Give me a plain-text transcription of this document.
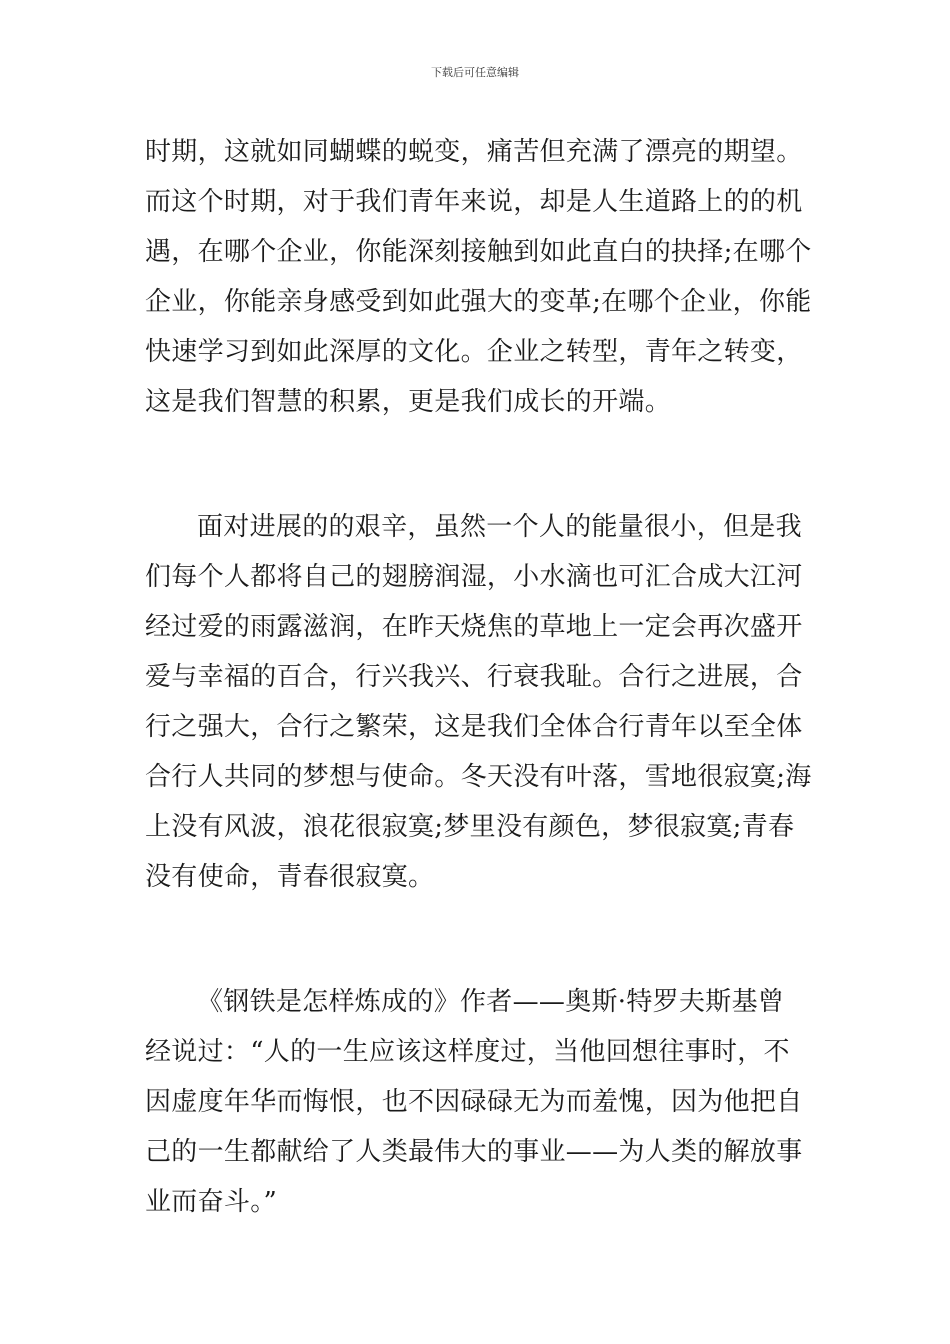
下载后可任意编辑
时期，这就如同蝴蝶的蜕变，痛苦但充满了漂亮的期望。
而这个时期，对于我们青年来说，却是人生道路上的的机
遇，在哪个企业，你能深刻接触到如此直白的抉择;在哪个
企业，你能亲身感受到如此强大的变革;在哪个企业，你能
快速学习到如此深厚的文化。企业之转型，青年之转变，
这是我们智慧的积累，更是我们成长的开端。
面对进展的的艰辛，虽然一个人的能量很小，但是我
们每个人都将自己的翅膀润湿，小水滴也可汇合成大江河
经过爱的雨露滋润，在昨天烧焦的草地上一定会再次盛开
爱与幸福的百合，行兴我兴、行衰我耻。合行之进展，合
行之强大，合行之繁荣，这是我们全体合行青年以至全体
合行人共同的梦想与使命。冬天没有叶落，雪地很寂寞;海
上没有风波，浪花很寂寞;梦里没有颜色，梦很寂寞;青春
没有使命，青春很寂寞。
《钢铁是怎样炼成的》作者——奥斯·特罗夫斯基曾
经说过：“人的一生应该这样度过，当他回想往事时，不
因虚度年华而悔恨，也不因碌碌无为而羞愧，因为他把自
己的一生都献给了人类最伟大的事业——为人类的解放事
业而奋斗。”
